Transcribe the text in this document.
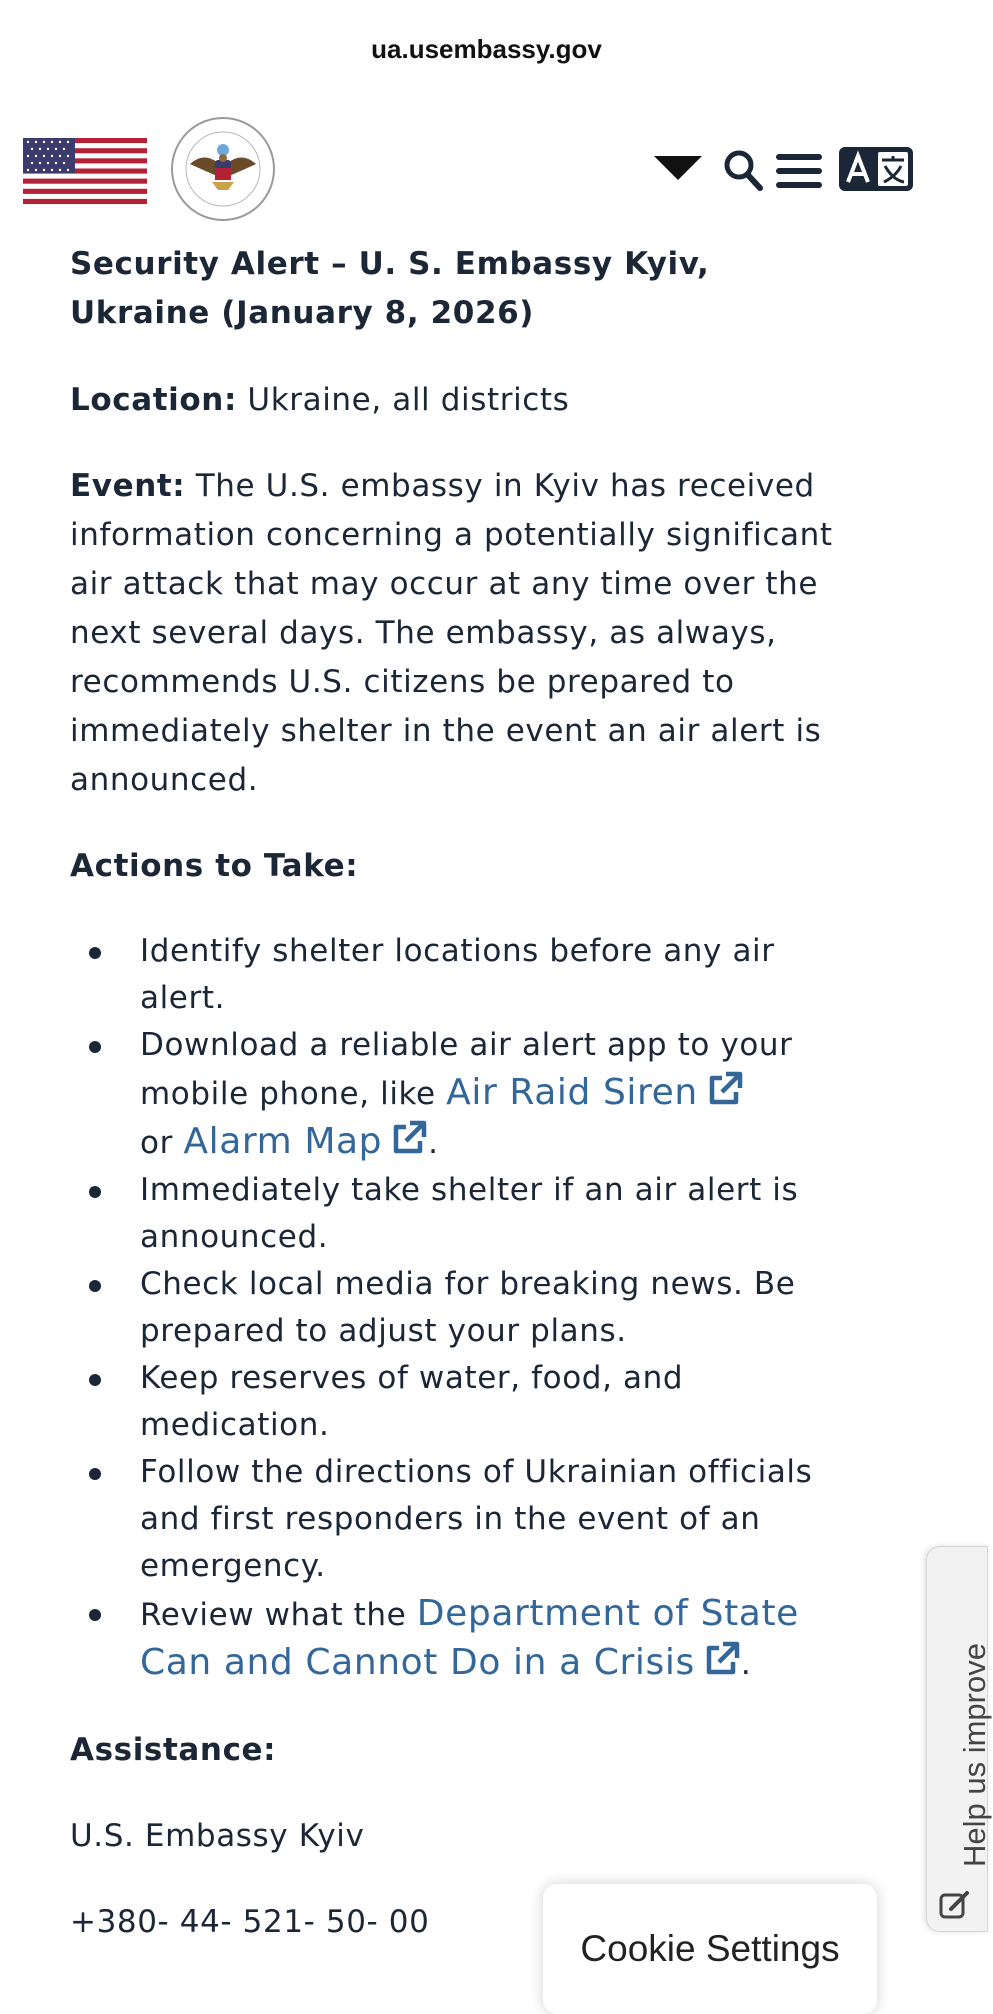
ua.usembassy.gov
Security Alert – U. S. Embassy Kyiv, Ukraine (January 8, 2026)

Location: Ukraine, all districts

Event: The U.S. embassy in Kyiv has received information concerning a potentially significant air attack that may occur at any time over the next several days. The embassy, as always, recommends U.S. citizens be prepared to immediately shelter in the event an air alert is announced.

Actions to Take:

Identify shelter locations before any air alert.
Download a reliable air alert app to your mobile phone, like Air Raid Siren
or Alarm Map .
Immediately take shelter if an air alert is announced.
Check local media for breaking news. Be prepared to adjust your plans.
Keep reserves of water, food, and medication.
Follow the directions of Ukrainian officials and first responders in the event of an emergency.
Review what the Department of State Can and Cannot Do in a Crisis .

Assistance:

U.S. Embassy Kyiv

+380- 44- 521- 50- 00

Help us improve
Cookie Settings
